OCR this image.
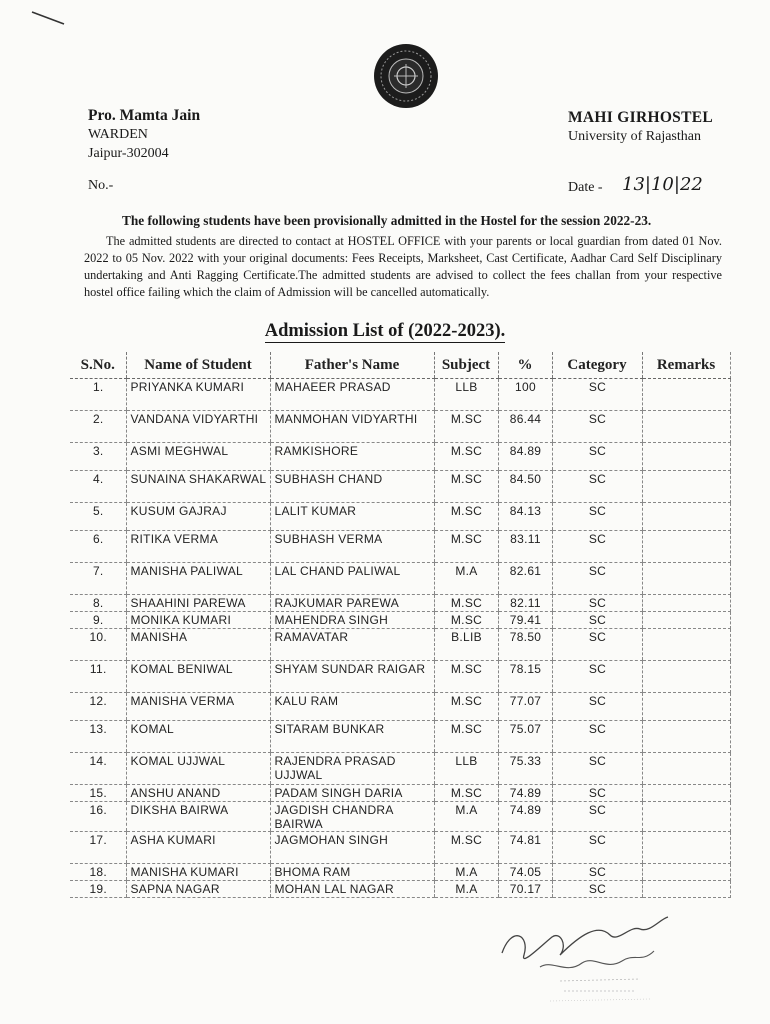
Pro. Mamta Jain
WARDEN
Jaipur-302004
MAHI GIRHOSTEL
University of Rajasthan
No.-	Date - 13|10|22
The following students have been provisionally admitted in the Hostel for the session 2022-23.
The admitted students are directed to contact at HOSTEL OFFICE with your parents or local guardian from dated 01 Nov. 2022 to 05 Nov. 2022 with your original documents: Fees Receipts, Marksheet, Cast Certificate, Aadhar Card Self Disciplinary undertaking and Anti Ragging Certificate.The admitted students are advised to collect the fees challan from your respective hostel office failing which the claim of Admission will be cancelled automatically.
Admission List of (2022-2023).
S.No.	Name of Student	Father's Name	Subject	%	Category	Remarks
1.	PRIYANKA KUMARI	MAHAEER PRASAD	LLB	100	SC	
2.	VANDANA VIDYARTHI	MANMOHAN VIDYARTHI	M.SC	86.44	SC	
3.	ASMI MEGHWAL	RAMKISHORE	M.SC	84.89	SC	
4.	SUNAINA SHAKARWAL	SUBHASH CHAND	M.SC	84.50	SC	
5.	KUSUM GAJRAJ	LALIT KUMAR	M.SC	84.13	SC	
6.	RITIKA VERMA	SUBHASH VERMA	M.SC	83.11	SC	
7.	MANISHA PALIWAL	LAL CHAND PALIWAL	M.A	82.61	SC	
8.	SHAAHINI PAREWA	RAJKUMAR PAREWA	M.SC	82.11	SC	
9.	MONIKA KUMARI	MAHENDRA SINGH	M.SC	79.41	SC	
10.	MANISHA	RAMAVATAR	B.LIB	78.50	SC	
11.	KOMAL BENIWAL	SHYAM SUNDAR RAIGAR	M.SC	78.15	SC	
12.	MANISHA VERMA	KALU RAM	M.SC	77.07	SC	
13.	KOMAL	SITARAM BUNKAR	M.SC	75.07	SC	
14.	KOMAL UJJWAL	RAJENDRA PRASAD UJJWAL	LLB	75.33	SC	
15.	ANSHU ANAND	PADAM SINGH DARIA	M.SC	74.89	SC	
16.	DIKSHA BAIRWA	JAGDISH CHANDRA BAIRWA	M.A	74.89	SC	
17.	ASHA KUMARI	JAGMOHAN SINGH	M.SC	74.81	SC	
18.	MANISHA KUMARI	BHOMA RAM	M.A	74.05	SC	
19.	SAPNA NAGAR	MOHAN LAL NAGAR	M.A	70.17	SC	
